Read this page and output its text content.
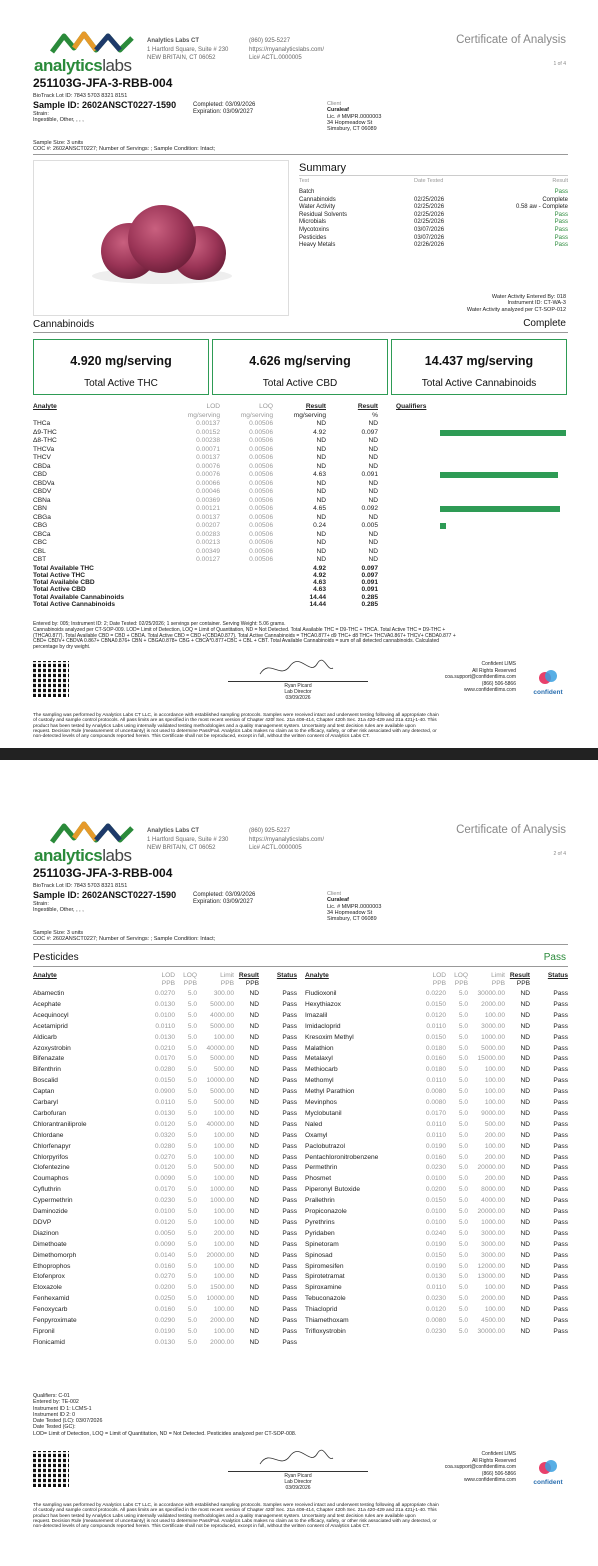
analyticslabs
Analytics Labs CT
1 Hartford Square, Suite # 230
NEW BRITAIN, CT 06052
(860) 925-5227
https://myanalyticslabs.com/
Lic# ACTL.0000005
Certificate of Analysis
1 of 4
251103G-JFA-3-RBB-004
BioTrack Lot ID: 7843 5703 8321 8151
Sample ID: 2602ANSCT0227-1590
Strain:
Ingestible, Other, , , ,
Completed: 03/09/2026
Expiration: 03/09/2027
Client
Curaleaf
Lic. # MMPR.0000003
34 Hopmeadow St
Simsbury, CT 06089
Sample Size: 3 units
COC #: 2602ANSCT0227; Number of Servings: ; Sample Condition: Intact;
Summary
Test	Date Tested	Result
Batch	Pass
Cannabinoids	02/25/2026	Complete
Water Activity	02/25/2026	0.58 aw - Complete
Residual Solvents	02/25/2026	Pass
Microbials	02/25/2026	Pass
Mycotoxins	03/07/2026	Pass
Pesticides	03/07/2026	Pass
Heavy Metals	02/26/2026	Pass
Water Activity Entered By: 018
Instrument ID: CT-WA-3
Water Activity analyzed per CT-SOP-012
Cannabinoids	Complete
4.920 mg/serving
Total Active THC
4.626 mg/serving
Total Active CBD
14.437 mg/serving
Total Active Cannabinoids
Analyte	LOD	LOQ	Result	Result	Qualifiers
mg/serving	mg/serving	mg/serving	%
THCa	0.00137	0.00506	ND	ND
Δ9-THC	0.00152	0.00506	4.92	0.097
Δ8-THC	0.00238	0.00506	ND	ND
THCVa	0.00071	0.00506	ND	ND
THCV	0.00137	0.00506	ND	ND
CBDa	0.00076	0.00506	ND	ND
CBD	0.00076	0.00506	4.63	0.091
CBDVa	0.00066	0.00506	ND	ND
CBDV	0.00046	0.00506	ND	ND
CBNa	0.00369	0.00506	ND	ND
CBN	0.00121	0.00506	4.65	0.092
CBGa	0.00137	0.00506	ND	ND
CBG	0.00207	0.00506	0.24	0.005
CBCa	0.00283	0.00506	ND	ND
CBC	0.00213	0.00506	ND	ND
CBL	0.00349	0.00506	ND	ND
CBT	0.00127	0.00506	ND	ND
Total Available THC	4.92	0.097
Total Active THC	4.92	0.097
Total Available CBD	4.63	0.091
Total Active CBD	4.63	0.091
Total Available Cannabinoids	14.44	0.285
Total Active Cannabinoids	14.44	0.285
Entered by: 005; Instrument ID: 2; Date Tested: 02/25/2026; 1 servings per container. Serving Weight: 5.06 grams.
Cannabinoids analyzed per CT-SOP-009. LOD= Limit of Detection, LOQ = Limit of Quantitation, ND = Not Detected. Total Available THC = D9-THC + THCA. Total Active THC = D9-THC +
(THCA0.877). Total Available CBD = CBD + CBDA. Total Active CBD = CBD +(CBDA0.877). Total Active Cannabinoids = THCA0.877+ d9 THC+ d8 THC+ THCVA0.867+ THCV+ CBDA0.877 +
CBD+ CBDV+ CBDVA 0.867+ CBNA0.876+ CBN + CBGA0.878+ CBG + CBCA*0.877+CBC + CBL + CBT. Total Available Cannabinoids = sum of all detected cannabinoids. Calculated
percentage by dry weight.
Ryan Picard
Lab Director
03/09/2026
Confident LIMS
All Rights Reserved
coa.support@confidentlims.com
(866) 506-5866
www.confidentlims.com	confident
The sampling was performed by Analytics Labs CT LLC, in accordance with established sampling protocols. Samples were received intact and underwent testing following all appropriate chain
of custody and sample control protocols. All pass limits are as specified in the most recent version of Chapter 420f Sec. 21a 408-414, Chapter 420h Sec. 21a 420-429 and 21a 421j-1-40. This
product has been tested by Analytics Labs using internally validated testing methodologies and a quality management system. Uncertainty and test decision rules are available upon
request. Decision Rule (measurement of uncertainty) is not used to determine Pass/Fail. Analytics Labs makes no claim as to the efficacy, safety, or other risk associated with any detected, or
non-detected levels of any compounds reported herein. This Certificate shall not be reproduced, except in full, without the written consent of Analytics Labs CT.
analyticslabs
Analytics Labs CT
1 Hartford Square, Suite # 230
NEW BRITAIN, CT 06052
(860) 925-5227
https://myanalyticslabs.com/
Lic# ACTL.0000005
Certificate of Analysis
2 of 4
251103G-JFA-3-RBB-004
BioTrack Lot ID: 7843 5703 8321 8151
Sample ID: 2602ANSCT0227-1590
Strain:
Ingestible, Other, , , ,
Completed: 03/09/2026
Expiration: 03/09/2027
Client
Curaleaf
Lic. # MMPR.0000003
34 Hopmeadow St
Simsbury, CT 06089
Sample Size: 3 units
COC #: 2602ANSCT0227; Number of Servings: ; Sample Condition: Intact;
Pesticides	Pass
Analyte	LOD LOQ	Limit Result	Status
PPB PPB	PPB PPB
Abamectin	0.0270 5.0	300.00 ND	Pass
Acephate	0.0130 5.0 5000.00 ND	Pass
Acequinocyl	0.0100 5.0 4000.00 ND	Pass
Acetamiprid	0.0110 5.0 5000.00 ND	Pass
Aldicarb	0.0130 5.0	100.00 ND	Pass
Azoxystrobin	0.0210 5.0 40000.00 ND	Pass
Bifenazate	0.0170 5.0 5000.00 ND	Pass
Bifenthrin	0.0280 5.0	500.00 ND	Pass
Boscalid	0.0150 5.0 10000.00 ND	Pass
Captan	0.0900 5.0 5000.00 ND	Pass
Carbaryl	0.0110 5.0	500.00 ND	Pass
Carbofuran	0.0130 5.0	100.00 ND	Pass
Chlorantraniliprole	0.0120 5.0 40000.00 ND	Pass
Chlordane	0.0320 5.0	100.00 ND	Pass
Chlorfenapyr	0.0280 5.0	100.00 ND	Pass
Chlorpyrifos	0.0270 5.0	100.00 ND	Pass
Clofentezine	0.0120 5.0	500.00 ND	Pass
Coumaphos	0.0090 5.0	100.00 ND	Pass
Cyfluthrin	0.0170 5.0 1000.00 ND	Pass
Cypermethrin	0.0230 5.0 1000.00 ND	Pass
Daminozide	0.0100 5.0	100.00 ND	Pass
DDVP	0.0120 5.0	100.00 ND	Pass
Diazinon	0.0050 5.0	200.00 ND	Pass
Dimethoate	0.0090 5.0	100.00 ND	Pass
Dimethomorph	0.0140 5.0 20000.00 ND	Pass
Ethoprophos	0.0160 5.0	100.00 ND	Pass
Etofenprox	0.0270 5.0	100.00 ND	Pass
Etoxazole	0.0200 5.0 1500.00 ND	Pass
Fenhexamid	0.0250 5.0 10000.00 ND	Pass
Fenoxycarb	0.0160 5.0	100.00 ND	Pass
Fenpyroximate	0.0290 5.0 2000.00 ND	Pass
Fipronil	0.0190 5.0	100.00 ND	Pass
Flonicamid	0.0130 5.0 2000.00 ND	Pass
Analyte	LOD LOQ	Limit Result	Status
PPB PPB	PPB PPB
Fludioxonil	0.0220 5.0 30000.00 ND	Pass
Hexythiazox	0.0150 5.0 2000.00 ND	Pass
Imazalil	0.0120 5.0	100.00 ND	Pass
Imidacloprid	0.0110 5.0 3000.00 ND	Pass
Kresoxim Methyl	0.0150 5.0 1000.00 ND	Pass
Malathion	0.0180 5.0 5000.00 ND	Pass
Metalaxyl	0.0160 5.0 15000.00 ND	Pass
Methiocarb	0.0180 5.0	100.00 ND	Pass
Methomyl	0.0110 5.0	100.00 ND	Pass
Methyl Parathion	0.0080 5.0	100.00 ND	Pass
Mevinphos	0.0080 5.0	100.00 ND	Pass
Myclobutanil	0.0170 5.0 9000.00 ND	Pass
Naled	0.0110 5.0	500.00 ND	Pass
Oxamyl	0.0110 5.0	200.00 ND	Pass
Paclobutrazol	0.0190 5.0	100.00 ND	Pass
Pentachloronitrobenzene	0.0160 5.0	200.00 ND	Pass
Permethrin	0.0230 5.0 20000.00 ND	Pass
Phosmet	0.0100 5.0	200.00 ND	Pass
Piperonyl Butoxide	0.0200 5.0 8000.00 ND	Pass
Prallethrin	0.0150 5.0 4000.00 ND	Pass
Propiconazole	0.0100 5.0 20000.00 ND	Pass
Pyrethrins	0.0100 5.0 1000.00 ND	Pass
Pyridaben	0.0240 5.0 3000.00 ND	Pass
Spinetoram	0.0190 5.0 3000.00 ND	Pass
Spinosad	0.0150 5.0 3000.00 ND	Pass
Spiromesifen	0.0190 5.0 12000.00 ND	Pass
Spirotetramat	0.0130 5.0 13000.00 ND	Pass
Spiroxamine	0.0110 5.0	100.00 ND	Pass
Tebuconazole	0.0230 5.0 2000.00 ND	Pass
Thiacloprid	0.0120 5.0	100.00 ND	Pass
Thiamethoxam	0.0080 5.0 4500.00 ND	Pass
Trifloxystrobin	0.0230 5.0 30000.00 ND	Pass
Qualifiers: C-01
Entered by: TE-002
Instrument ID 1: LCMS-1
Instrument ID 2: 0
Date Tested (LC): 03/07/2026
Date Tested (GC):
LOD= Limit of Detection, LOQ = Limit of Quantitation, ND = Not Detected. Pesticides analyzed per CT-SOP-008.
Ryan Picard
Lab Director
03/09/2026
Confident LIMS
All Rights Reserved
coa.support@confidentlims.com
(866) 506-5866
www.confidentlims.com	confident
The sampling was performed by Analytics Labs CT LLC, in accordance with established sampling protocols. Samples were received intact and underwent testing following all appropriate chain
of custody and sample control protocols. All pass limits are as specified in the most recent version of Chapter 420f Sec. 21a 408-414, Chapter 420h Sec. 21a 420-429 and 21a 421j-1-40. This
product has been tested by Analytics Labs using internally validated testing methodologies and a quality management system. Uncertainty and test decision rules are available upon
request. Decision Rule (measurement of uncertainty) is not used to determine Pass/Fail. Analytics Labs makes no claim as to the efficacy, safety, or other risk associated with any detected, or
non-detected levels of any compounds reported herein. This Certificate shall not be reproduced, except in full, without the written consent of Analytics Labs CT.
